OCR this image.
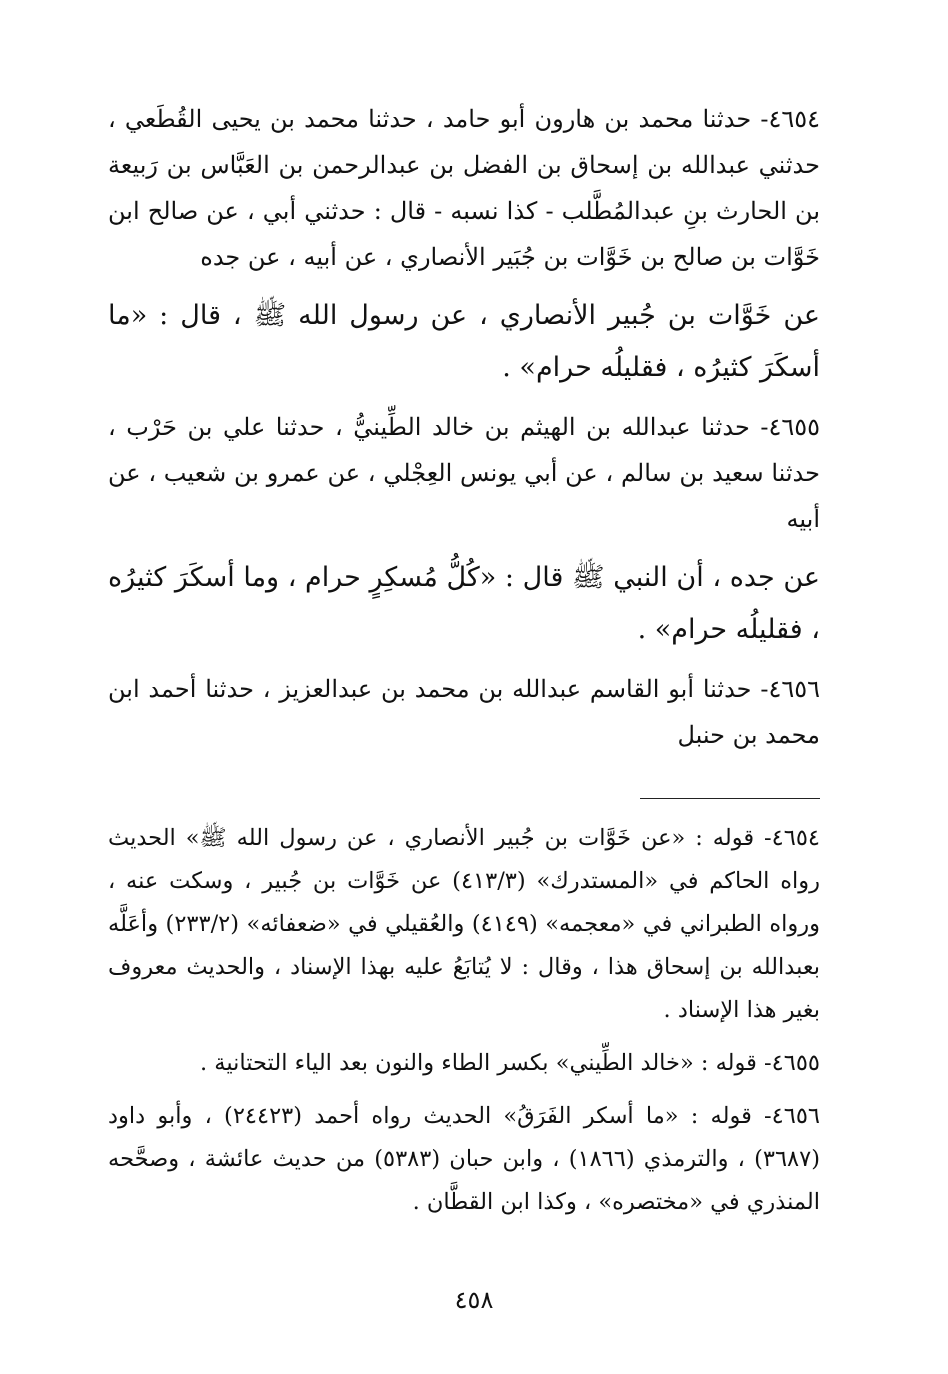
٤٦٥٤- حدثنا محمد بن هارون أبو حامد ، حدثنا محمد بن يحيى القُطَعي ، حدثني عبدالله بن إسحاق بن الفضل بن عبدالرحمن بن العَبَّاس بن رَبيعة بن الحارث بنِ عبدالمُطَّلب - كذا نسبه - قال : حدثني أبي ، عن صالح ابن خَوَّات بن صالح بن خَوَّات بن جُبَير الأنصاري ، عن أبيه ، عن جده

عن خَوَّات بن جُبير الأنصاري ، عن رسول الله ﷺ ، قال : «ما أسكَرَ كثيرُه ، فقليلُه حرام» .

٤٦٥٥- حدثنا عبدالله بن الهيثم بن خالد الطِّينيُّ ، حدثنا علي بن حَرْب ، حدثنا سعيد بن سالم ، عن أبي يونس العِجْلي ، عن عمرو بن شعيب ، عن أبيه

عن جده ، أن النبي ﷺ قال : «كُلُّ مُسكِرٍ حرام ، وما أسكَرَ كثيرُه ، فقليلُه حرام» .

٤٦٥٦- حدثنا أبو القاسم عبدالله بن محمد بن عبدالعزيز ، حدثنا أحمد ابن محمد بن حنبل

٤٦٥٤- قوله : «عن خَوَّات بن جُبير الأنصاري ، عن رسول الله ﷺ» الحديث رواه الحاكم في «المستدرك» (٤١٣/٣) عن خَوَّات بن جُبير ، وسكت عنه ، ورواه الطبراني في «معجمه» (٤١٤٩) والعُقيلي في «ضعفائه» (٢٣٣/٢) وأعَلَّه بعبدالله بن إسحاق هذا ، وقال : لا يُتابَعُ عليه بهذا الإسناد ، والحديث معروف بغير هذا الإسناد .

٤٦٥٥- قوله : «خالد الطِّيني» بكسر الطاء والنون بعد الياء التحتانية .

٤٦٥٦- قوله : «ما أسكر الفَرَقُ» الحديث رواه أحمد (٢٤٤٢٣) ، وأبو داود (٣٦٨٧) ، والترمذي (١٨٦٦) ، وابن حبان (٥٣٨٣) من حديث عائشة ، وصحَّحه المنذري في «مختصره» ، وكذا ابن القطَّان .

٤٥٨
